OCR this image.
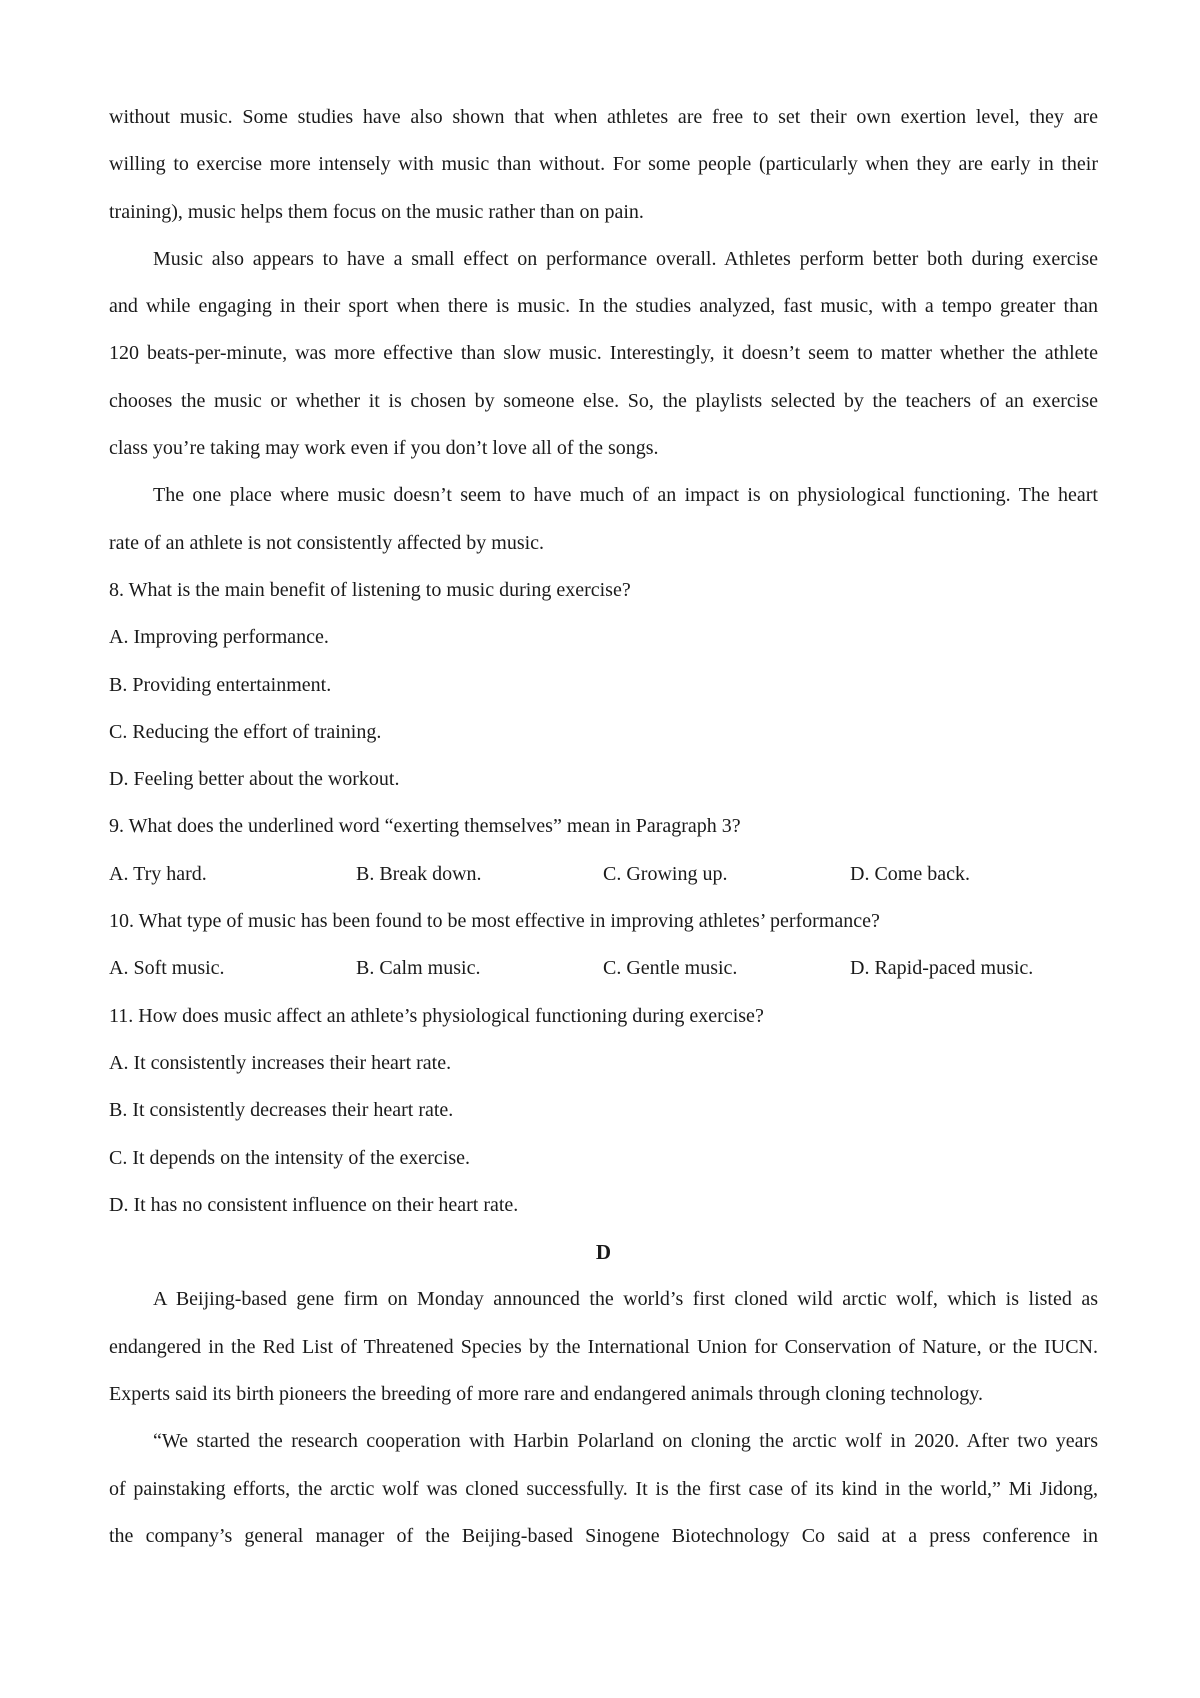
without music. Some studies have also shown that when athletes are free to set their own exertion level, they are
willing to exercise more intensely with music than without. For some people (particularly when they are early in their
training), music helps them focus on the music rather than on pain.
Music also appears to have a small effect on performance overall. Athletes perform better both during exercise
and while engaging in their sport when there is music. In the studies analyzed, fast music, with a tempo greater than
120 beats-per-minute, was more effective than slow music. Interestingly, it doesn’t seem to matter whether the athlete
chooses the music or whether it is chosen by someone else. So, the playlists selected by the teachers of an exercise
class you’re taking may work even if you don’t love all of the songs.
The one place where music doesn’t seem to have much of an impact is on physiological functioning. The heart
rate of an athlete is not consistently affected by music.
8. What is the main benefit of listening to music during exercise?
A. Improving performance.
B. Providing entertainment.
C. Reducing the effort of training.
D. Feeling better about the workout.
9. What does the underlined word “exerting themselves” mean in Paragraph 3?
A. Try hard.	B. Break down.	C. Growing up.	D. Come back.
10. What type of music has been found to be most effective in improving athletes’ performance?
A. Soft music.	B. Calm music.	C. Gentle music.	D. Rapid-paced music.
11. How does music affect an athlete’s physiological functioning during exercise?
A. It consistently increases their heart rate.
B. It consistently decreases their heart rate.
C. It depends on the intensity of the exercise.
D. It has no consistent influence on their heart rate.
D
A Beijing-based gene firm on Monday announced the world’s first cloned wild arctic wolf, which is listed as
endangered in the Red List of Threatened Species by the International Union for Conservation of Nature, or the IUCN.
Experts said its birth pioneers the breeding of more rare and endangered animals through cloning technology.
“We started the research cooperation with Harbin Polarland on cloning the arctic wolf in 2020. After two years
of painstaking efforts, the arctic wolf was cloned successfully. It is the first case of its kind in the world,” Mi Jidong,
the company’s general manager of the Beijing-based Sinogene Biotechnology Co said at a press conference in
